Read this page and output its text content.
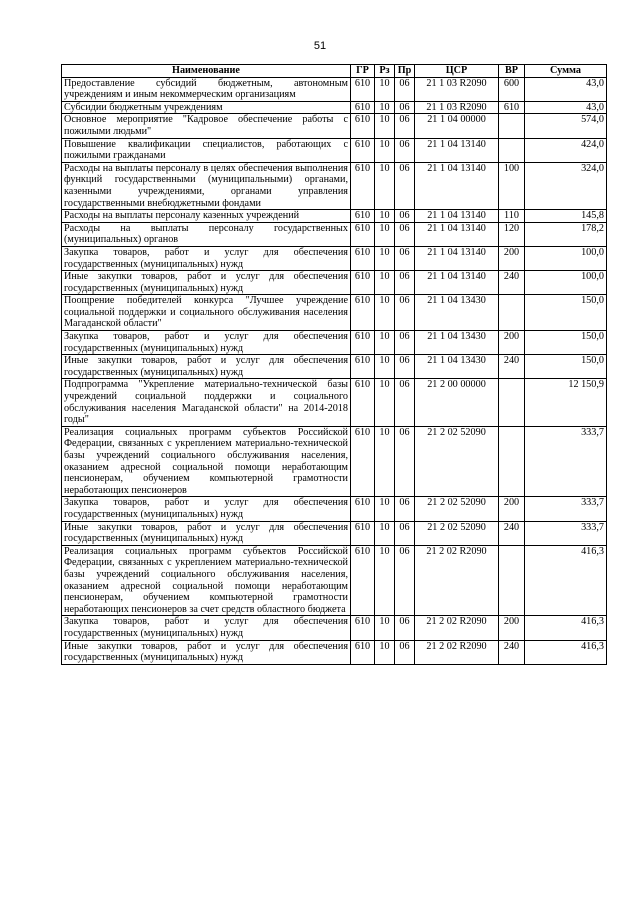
51
Наименование	ГР	Рз	Пр	ЦСР	ВР	Сумма
Предоставление субсидий бюджетным, автономным учреждениям и иным некоммерческим организациям	610	10	06	21 1 03 R2090	600	43,0
Субсидии бюджетным учреждениям	610	10	06	21 1 03 R2090	610	43,0
Основное мероприятие "Кадровое обеспечение работы с пожилыми людьми"	610	10	06	21 1 04 00000		574,0
Повышение квалификации специалистов, работающих с пожилыми гражданами	610	10	06	21 1 04 13140		424,0
Расходы на выплаты персоналу в целях обеспечения выполнения функций государственными (муниципальными) органами, казенными учреждениями, органами управления государственными внебюджетными фондами	610	10	06	21 1 04 13140	100	324,0
Расходы на выплаты персоналу казенных учреждений	610	10	06	21 1 04 13140	110	145,8
Расходы на выплаты персоналу государственных (муниципальных) органов	610	10	06	21 1 04 13140	120	178,2
Закупка товаров, работ и услуг для обеспечения государственных (муниципальных) нужд	610	10	06	21 1 04 13140	200	100,0
Иные закупки товаров, работ и услуг для обеспечения государственных (муниципальных) нужд	610	10	06	21 1 04 13140	240	100,0
Поощрение победителей конкурса "Лучшее учреждение социальной поддержки и социального обслуживания населения Магаданской области"	610	10	06	21 1 04 13430		150,0
Закупка товаров, работ и услуг для обеспечения государственных (муниципальных) нужд	610	10	06	21 1 04 13430	200	150,0
Иные закупки товаров, работ и услуг для обеспечения государственных (муниципальных) нужд	610	10	06	21 1 04 13430	240	150,0
Подпрограмма "Укрепление материально-технической базы учреждений социальной поддержки и социального обслуживания населения Магаданской области" на 2014-2018 годы"	610	10	06	21 2 00 00000		12 150,9
Реализация социальных программ субъектов Российской Федерации, связанных с укреплением материально-технической базы учреждений социального обслуживания населения, оказанием адресной социальной помощи неработающим пенсионерам, обучением компьютерной грамотности неработающих пенсионеров	610	10	06	21 2 02 52090		333,7
Закупка товаров, работ и услуг для обеспечения государственных (муниципальных) нужд	610	10	06	21 2 02 52090	200	333,7
Иные закупки товаров, работ и услуг для обеспечения государственных (муниципальных) нужд	610	10	06	21 2 02 52090	240	333,7
Реализация социальных программ субъектов Российской Федерации, связанных с укреплением материально-технической базы учреждений социального обслуживания населения, оказанием адресной социальной помощи неработающим пенсионерам, обучением компьютерной грамотности неработающих пенсионеров за счет средств областного бюджета	610	10	06	21 2 02 R2090		416,3
Закупка товаров, работ и услуг для обеспечения государственных (муниципальных) нужд	610	10	06	21 2 02 R2090	200	416,3
Иные закупки товаров, работ и услуг для обеспечения государственных (муниципальных) нужд	610	10	06	21 2 02 R2090	240	416,3
